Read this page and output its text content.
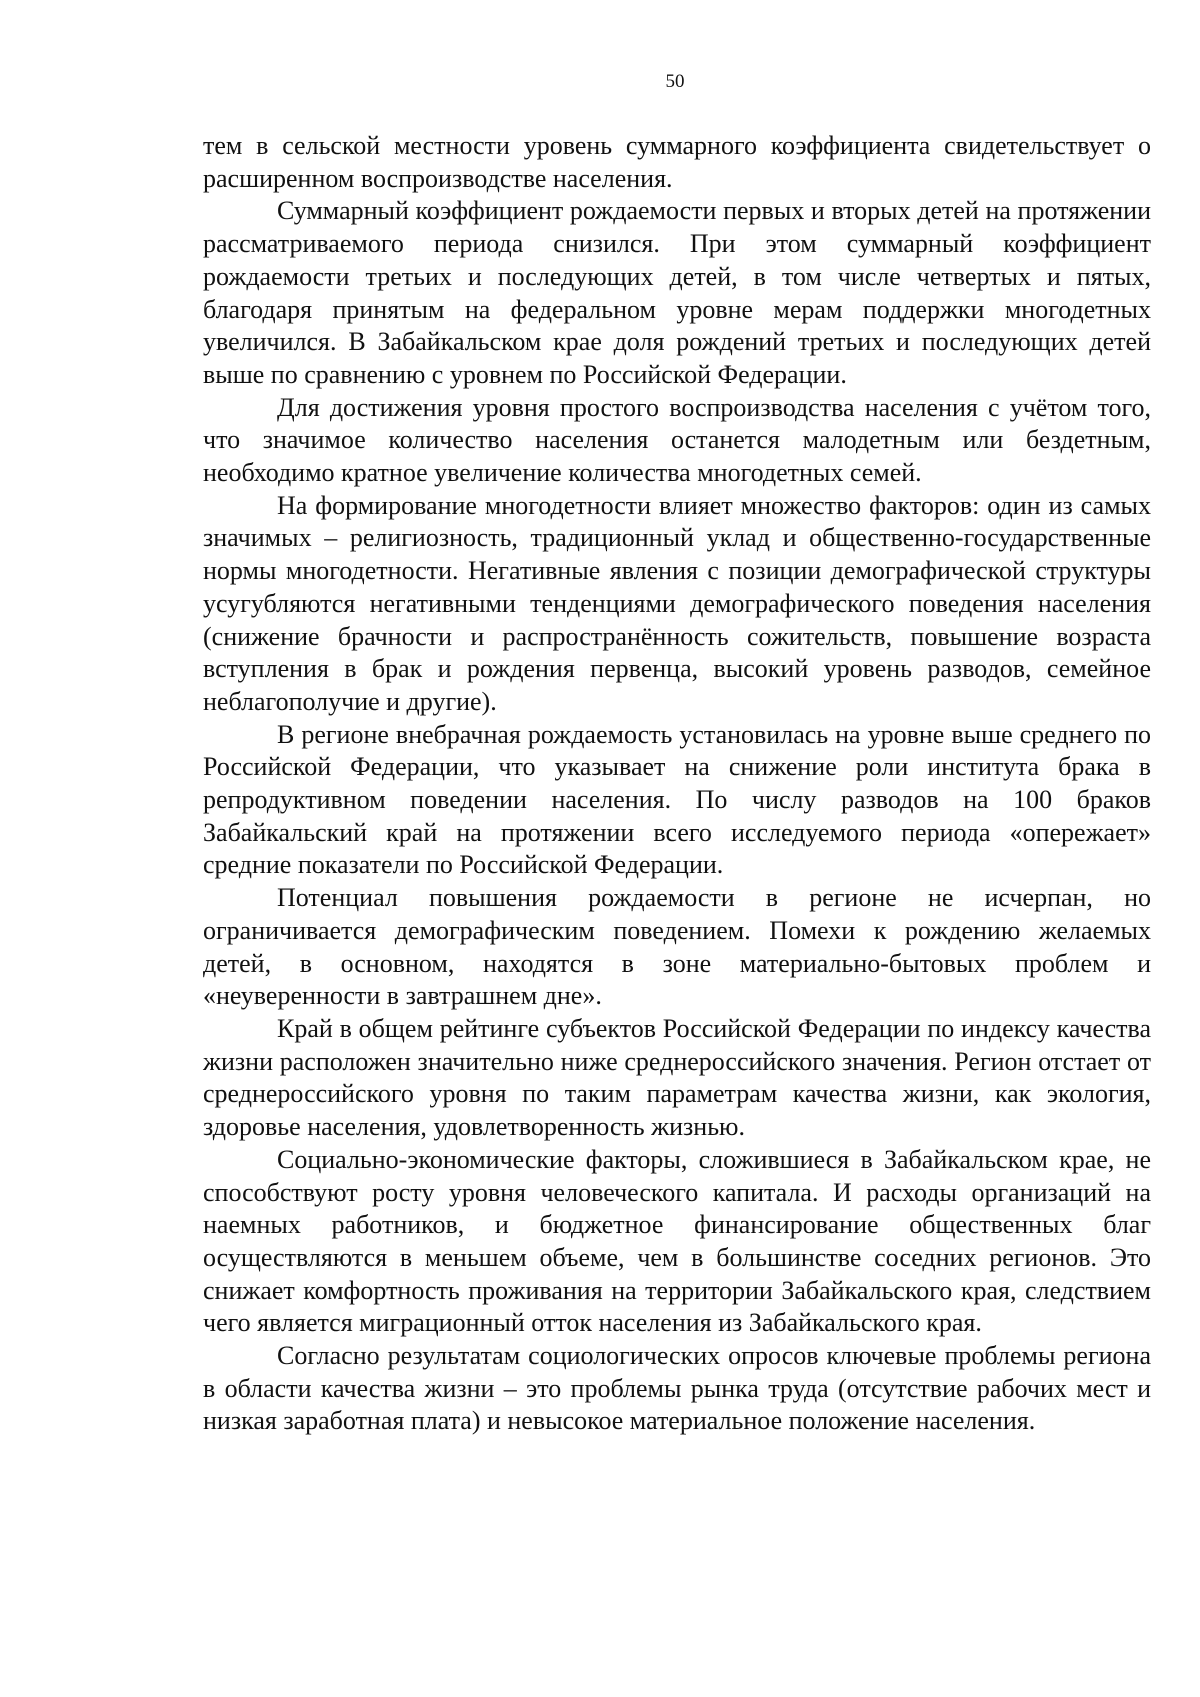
50

тем в сельской местности уровень суммарного коэффициента свидетельствует о расширенном воспроизводстве населения.

Суммарный коэффициент рождаемости первых и вторых детей на протяжении рассматриваемого периода снизился. При этом суммарный коэффициент рождаемости третьих и последующих детей, в том числе четвертых и пятых, благодаря принятым на федеральном уровне мерам поддержки многодетных увеличился. В Забайкальском крае доля рождений третьих и последующих детей выше по сравнению с уровнем по Российской Федерации.

Для достижения уровня простого воспроизводства населения с учётом того, что значимое количество населения останется малодетным или бездетным, необходимо кратное увеличение количества многодетных семей.

На формирование многодетности влияет множество факторов: один из самых значимых – религиозность, традиционный уклад и общественно-государственные нормы многодетности. Негативные явления с позиции демографической структуры усугубляются негативными тенденциями демографического поведения населения (снижение брачности и распространённость сожительств, повышение возраста вступления в брак и рождения первенца, высокий уровень разводов, семейное неблагополучие и другие).

В регионе внебрачная рождаемость установилась на уровне выше среднего по Российской Федерации, что указывает на снижение роли института брака в репродуктивном поведении населения. По числу разводов на 100 браков Забайкальский край на протяжении всего исследуемого периода «опережает» средние показатели по Российской Федерации.

Потенциал повышения рождаемости в регионе не исчерпан, но ограничивается демографическим поведением. Помехи к рождению желаемых детей, в основном, находятся в зоне материально-бытовых проблем и «неуверенности в завтрашнем дне».

Край в общем рейтинге субъектов Российской Федерации по индексу качества жизни расположен значительно ниже среднероссийского значения. Регион отстает от среднероссийского уровня по таким параметрам качества жизни, как экология, здоровье населения, удовлетворенность жизнью.

Социально-экономические факторы, сложившиеся в Забайкальском крае, не способствуют росту уровня человеческого капитала. И расходы организаций на наемных работников, и бюджетное финансирование общественных благ осуществляются в меньшем объеме, чем в большинстве соседних регионов. Это снижает комфортность проживания на территории Забайкальского края, следствием чего является миграционный отток населения из Забайкальского края.

Согласно результатам социологических опросов ключевые проблемы региона в области качества жизни – это проблемы рынка труда (отсутствие рабочих мест и низкая заработная плата) и невысокое материальное положение населения.
